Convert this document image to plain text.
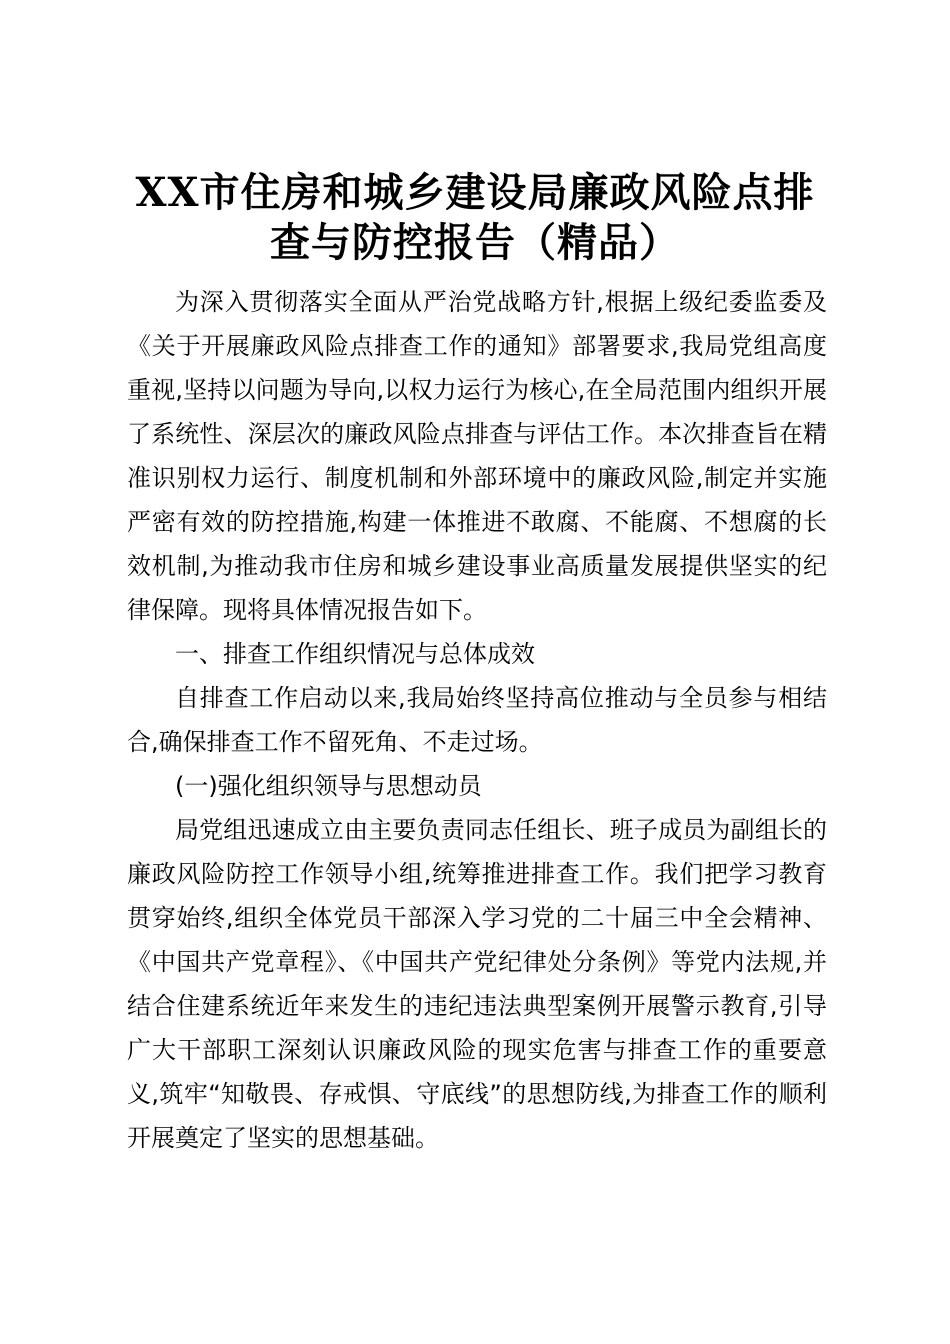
XX市住房和城乡建设局廉政风险点排查与防控报告（精品）

为深入贯彻落实全面从严治党战略方针,根据上级纪委监委及《关于开展廉政风险点排查工作的通知》部署要求,我局党组高度重视,坚持以问题为导向,以权力运行为核心,在全局范围内组织开展了系统性、深层次的廉政风险点排查与评估工作。本次排查旨在精准识别权力运行、制度机制和外部环境中的廉政风险,制定并实施严密有效的防控措施,构建一体推进不敢腐、不能腐、不想腐的长效机制,为推动我市住房和城乡建设事业高质量发展提供坚实的纪律保障。现将具体情况报告如下。

一、排查工作组织情况与总体成效

自排查工作启动以来,我局始终坚持高位推动与全员参与相结合,确保排查工作不留死角、不走过场。

(一)强化组织领导与思想动员

局党组迅速成立由主要负责同志任组长、班子成员为副组长的廉政风险防控工作领导小组,统筹推进排查工作。我们把学习教育贯穿始终,组织全体党员干部深入学习党的二十届三中全会精神、《中国共产党章程》、《中国共产党纪律处分条例》等党内法规,并结合住建系统近年来发生的违纪违法典型案例开展警示教育,引导广大干部职工深刻认识廉政风险的现实危害与排查工作的重要意义,筑牢“知敬畏、存戒惧、守底线”的思想防线,为排查工作的顺利开展奠定了坚实的思想基础。
